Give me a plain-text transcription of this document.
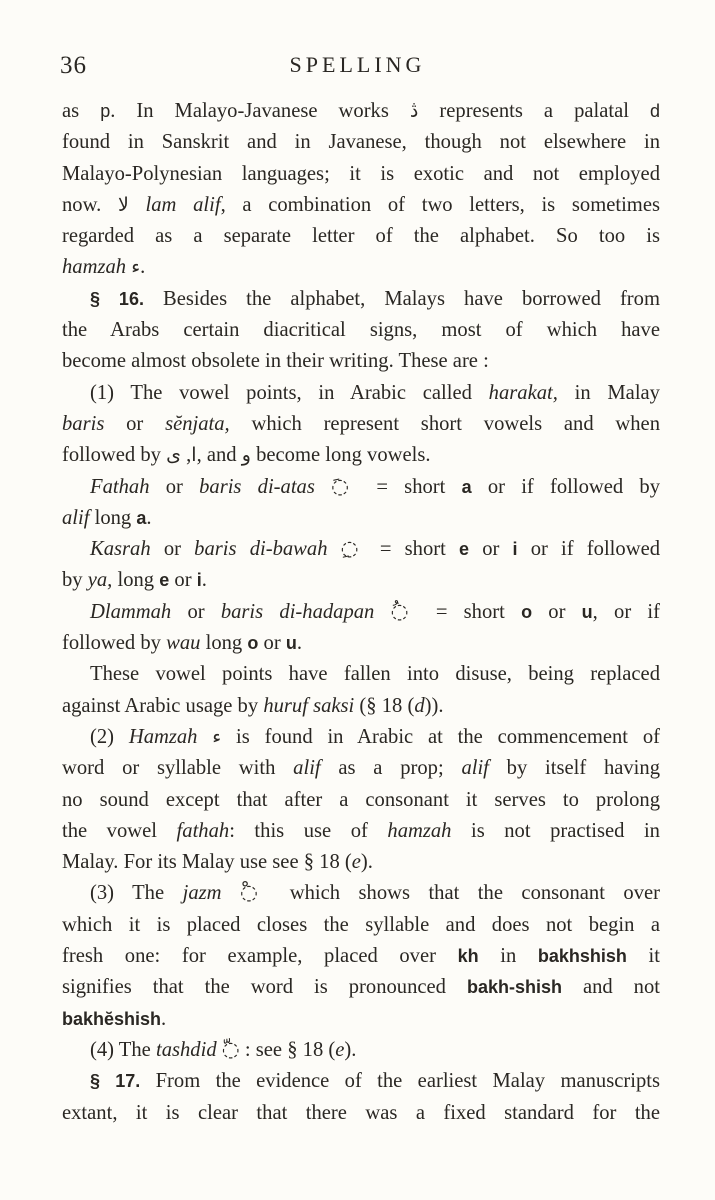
36	SPELLING
as p. In Malayo-Javanese works ڎ represents a palatal d
found in Sanskrit and in Javanese, though not elsewhere in
Malayo-Polynesian languages; it is exotic and not employed
now. لا lam alif, a combination of two letters, is sometimes
regarded as a separate letter of the alphabet. So too is
hamzah ء.
§ 16. Besides the alphabet, Malays have borrowed from
the Arabs certain diacritical signs, most of which have
become almost obsolete in their writing. These are :
(1) The vowel points, in Arabic called harakat, in Malay
baris or sĕnjata, which represent short vowels and when
followed by ا, ى , and و become long vowels.
Fathah or baris di-atas ◌َ = short a or if followed by
alif long a.
Kasrah or baris di-bawah ◌ِ = short e or i or if followed
by ya, long e or i.
Dlammah or baris di-hadapan ◌ُ = short o or u, or if
followed by wau long o or u.
These vowel points have fallen into disuse, being replaced
against Arabic usage by huruf saksi (§ 18 (d)).
(2) Hamzah ء is found in Arabic at the commencement of
word or syllable with alif as a prop; alif by itself having
no sound except that after a consonant it serves to prolong
the vowel fathah: this use of hamzah is not practised in
Malay. For its Malay use see § 18 (e).
(3) The jazm ◌ْ which shows that the consonant over
which it is placed closes the syllable and does not begin a
fresh one: for example, placed over kh in bakhshish it
signifies that the word is pronounced bakh-shish and not
bakhĕshish.
(4) The tashdid ◌ّ : see § 18 (e).
§ 17. From the evidence of the earliest Malay manuscripts
extant, it is clear that there was a fixed standard for the
